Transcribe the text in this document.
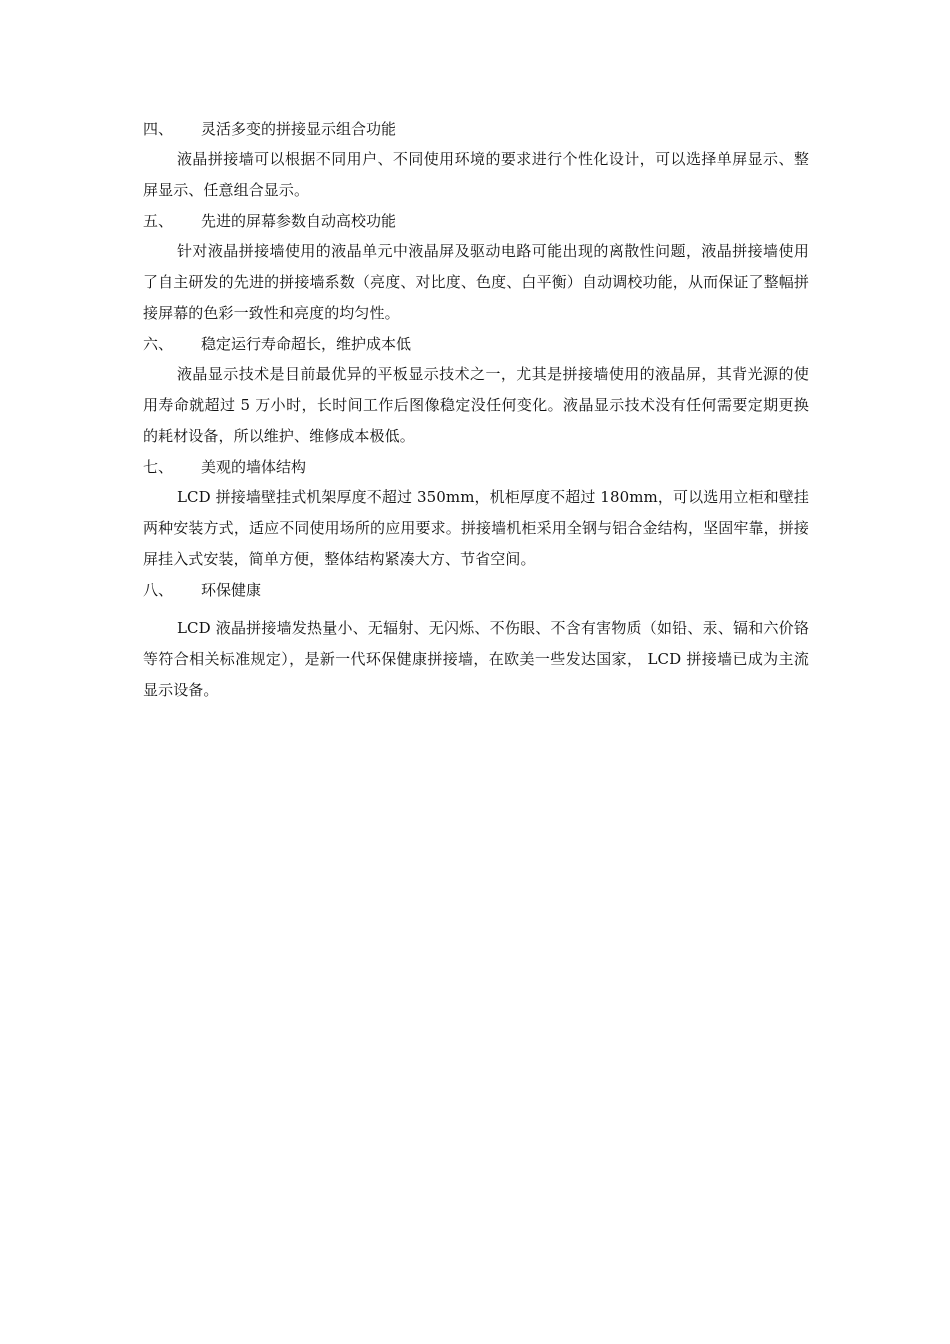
四、	灵活多变的拼接显示组合功能

液晶拼接墙可以根据不同用户、不同使用环境的要求进行个性化设计，可以选择单屏显示、整屏显示、任意组合显示。

五、	先进的屏幕参数自动高校功能

针对液晶拼接墙使用的液晶单元中液晶屏及驱动电路可能出现的离散性问题，液晶拼接墙使用了自主研发的先进的拼接墙系数（亮度、对比度、色度、白平衡）自动调校功能，从而保证了整幅拼接屏幕的色彩一致性和亮度的均匀性。

六、	稳定运行寿命超长，维护成本低

液晶显示技术是目前最优异的平板显示技术之一，尤其是拼接墙使用的液晶屏，其背光源的使用寿命就超过 5 万小时，长时间工作后图像稳定没任何变化。液晶显示技术没有任何需要定期更换的耗材设备，所以维护、维修成本极低。

七、	美观的墙体结构

LCD 拼接墙壁挂式机架厚度不超过 350mm，机柜厚度不超过 180mm，可以选用立柜和壁挂两种安装方式，适应不同使用场所的应用要求。拼接墙机柜采用全钢与铝合金结构，坚固牢靠，拼接屏挂入式安装，简单方便，整体结构紧凑大方、节省空间。

八、	环保健康

LCD 液晶拼接墙发热量小、无辐射、无闪烁、不伤眼、不含有害物质（如铅、汞、镉和六价铬等符合相关标准规定），是新一代环保健康拼接墙，在欧美一些发达国家， LCD 拼接墙已成为主流显示设备。
